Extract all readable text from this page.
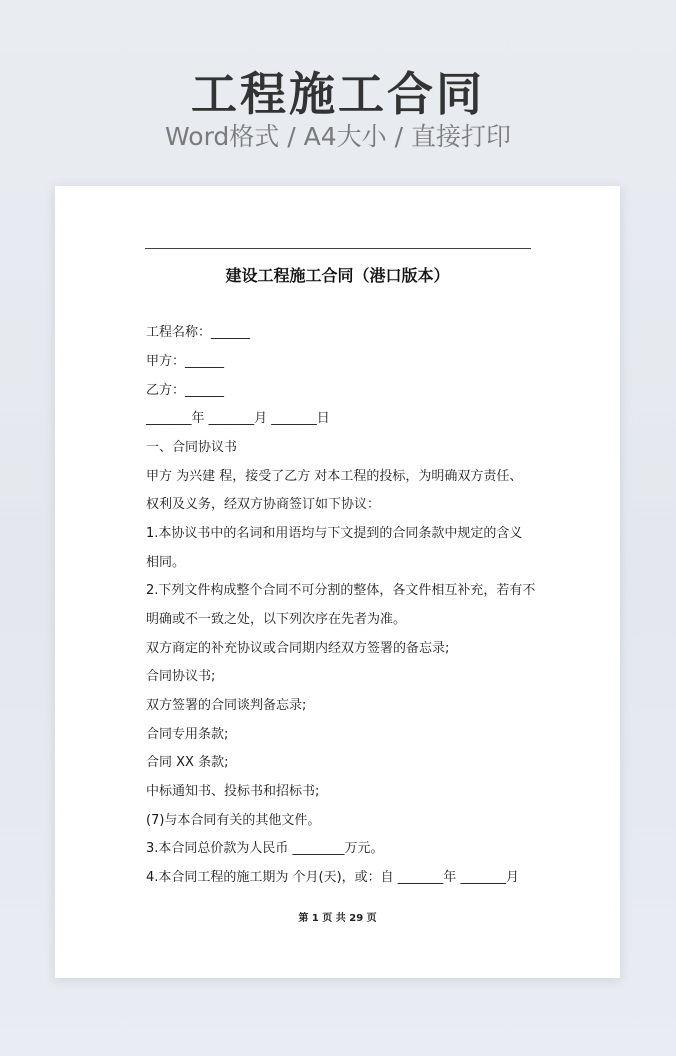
工程施工合同
Word格式 / A4大小 / 直接打印
建设工程施工合同（港口版本）
工程名称：______
甲方：______
乙方：______
_______年 _______月 _______日
一、合同协议书
甲方 为兴建 程，接受了乙方 对本工程的投标，为明确双方责任、
权利及义务，经双方协商签订如下协议：
1.本协议书中的名词和用语均与下文提到的合同条款中规定的含义
相同。
2.下列文件构成整个合同不可分割的整体，各文件相互补充，若有不
明确或不一致之处，以下列次序在先者为准。
双方商定的补充协议或合同期内经双方签署的备忘录;
合同协议书;
双方签署的合同谈判备忘录;
合同专用条款;
合同 XX 条款;
中标通知书、投标书和招标书;
(7)与本合同有关的其他文件。
3.本合同总价款为人民币 ________万元。
4.本合同工程的施工期为 个月(天)，或：自 _______年 _______月
第 1 页 共 29 页
